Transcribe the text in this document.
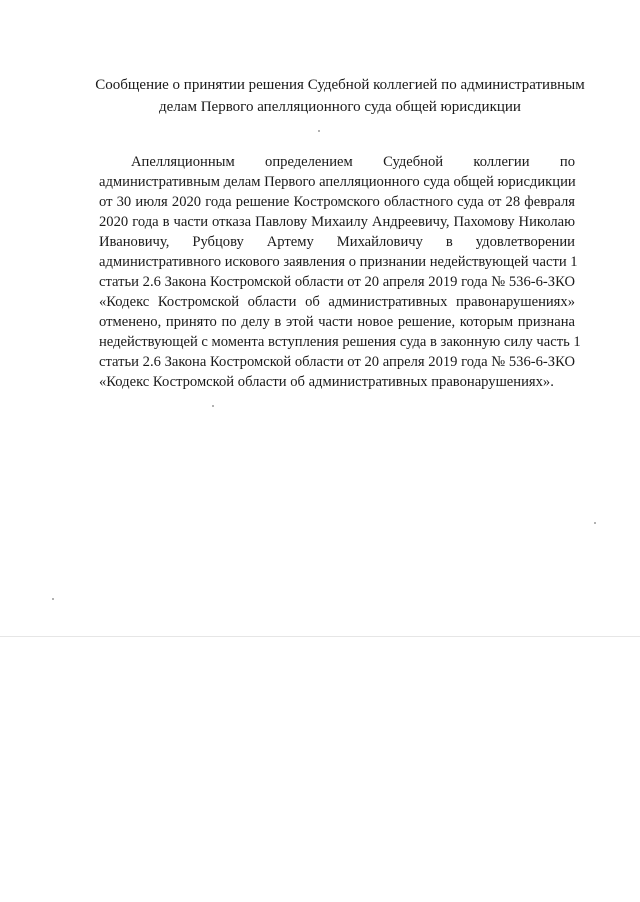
Сообщение о принятии решения Судебной коллегией по административным
делам Первого апелляционного суда общей юрисдикции
Апелляционным определением Судебной коллегии по
административным делам Первого апелляционного суда общей юрисдикции
от 30 июля 2020 года решение Костромского областного суда от 28 февраля
2020 года в части отказа Павлову Михаилу Андреевичу, Пахомову Николаю
Ивановичу, Рубцову Артему Михайловичу в удовлетворении
административного искового заявления о признании недействующей части 1
статьи 2.6 Закона Костромской области от 20 апреля 2019 года № 536-6-ЗКО
«Кодекс Костромской области об административных правонарушениях»
отменено, принято по делу в этой части новое решение, которым признана
недействующей с момента вступления решения суда в законную силу часть 1
статьи 2.6 Закона Костромской области от 20 апреля 2019 года № 536-6-ЗКО
«Кодекс Костромской области об административных правонарушениях».
